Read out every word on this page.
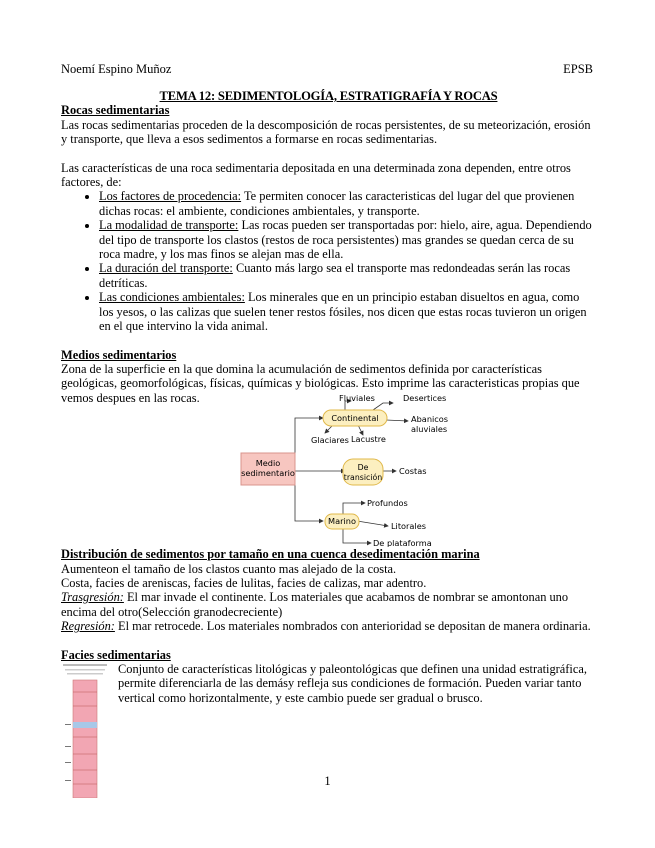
Noemí Espino Muñoz	EPSB
TEMA 12: SEDIMENTOLOGÍA, ESTRATIGRAFÍA Y ROCAS
Rocas sedimentarias

Las rocas sedimentarias proceden de la descomposición de rocas persistentes, de su meteorización, erosión y transporte, que lleva a esos sedimentos a formarse en rocas sedimentarias.

Las características de una roca sedimentaria depositada en una determinada zona dependen, entre otros factores, de:

• Los factores de procedencia: Te permiten conocer las caracteristicas del lugar del que provienen dichas rocas: el ambiente, condiciones ambientales, y transporte.
• La modalidad de transporte: Las rocas pueden ser transportadas por: hielo, aire, agua. Dependiendo del tipo de transporte los clastos (restos de roca persistentes) mas grandes se quedan cerca de su roca madre, y los mas finos se alejan mas de ella.
• La duración del transporte: Cuanto más largo sea el transporte mas redondeadas serán las rocas detríticas.
• Las condiciones ambientales: Los minerales que en un principio estaban disueltos en agua, como los yesos, o las calizas que suelen tener restos fósiles, nos dicen que estas rocas tuvieron un origen en el que intervino la vida animal.
Medios sedimentarios

Zona de la superficie en la que domina la acumulación de sedimentos definida por características geológicas, geomorfológicas, físicas, químicas y biológicas. Esto imprime las caracteristicas propias que vemos despues en las rocas.

Medio sedimentario
Continental
De transición
Marino
Fluviales	Desertices
Abanicos aluviales
Lacustre
Glaciares
Costas
Profundos
Litorales
De plataforma
Distribución de sedimentos por tamaño en una cuenca desedimentación marina

Aumenteon el tamaño de los clastos cuanto mas alejado de la costa.

Costa, facies de areniscas, facies de lulitas, facies de calizas, mar adentro.

Trasgresión: El mar invade el continente. Los materiales que acabamos de nombrar se amontonan uno encima del otro(Selección granodecreciente)

Regresión: El mar retrocede. Los materiales nombrados con anterioridad se depositan de manera ordinaria.

Facies sedimentarias

Conjunto de características litológicas y paleontológicas que definen una unidad estratigráfica, permite diferenciarla de las demásy refleja sus condiciones de formación. Pueden variar tanto vertical como horizontalmente, y este cambio puede ser gradual o brusco.

1
